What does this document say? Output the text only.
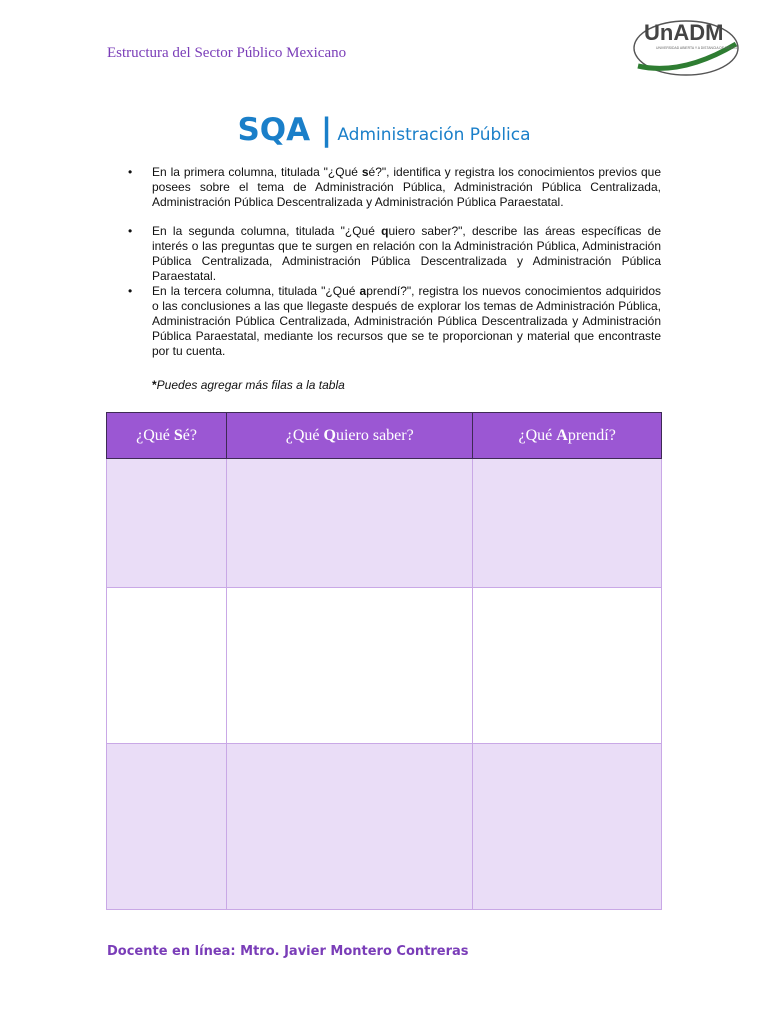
Estructura del Sector Público Mexicano
UnADM
UNIVERSIDAD ABIERTA Y A DISTANCIA DE MÉXICO
SQA | Administración Pública
• En la primera columna, titulada "¿Qué sé?", identifica y registra los conocimientos previos que posees sobre el tema de Administración Pública, Administración Pública Centralizada, Administración Pública Descentralizada y Administración Pública Paraestatal.
• En la segunda columna, titulada "¿Qué quiero saber?", describe las áreas específicas de interés o las preguntas que te surgen en relación con la Administración Pública, Administración Pública Centralizada, Administración Pública Descentralizada y Administración Pública Paraestatal.
• En la tercera columna, titulada "¿Qué aprendí?", registra los nuevos conocimientos adquiridos o las conclusiones a las que llegaste después de explorar los temas de Administración Pública, Administración Pública Centralizada, Administración Pública Descentralizada y Administración Pública Paraestatal, mediante los recursos que se te proporcionan y material que encontraste por tu cuenta.
*Puedes agregar más filas a la tabla
¿Qué Sé?	¿Qué Quiero saber?	¿Qué Aprendí?

Docente en línea: Mtro. Javier Montero Contreras
